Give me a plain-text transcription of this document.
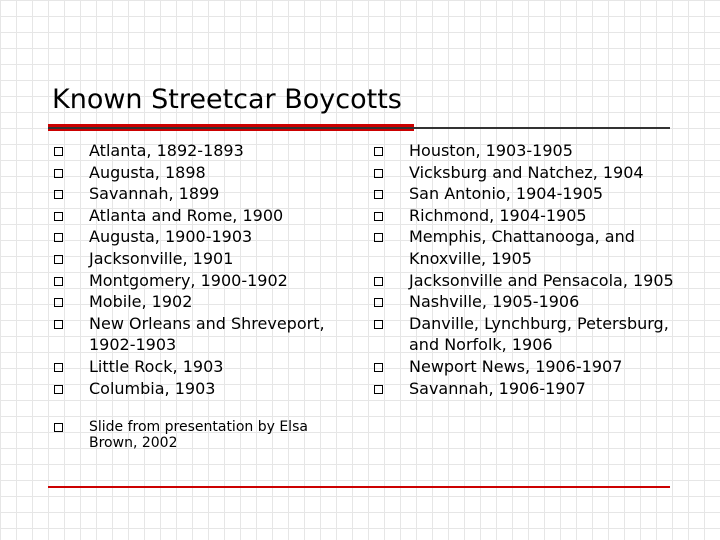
Known Streetcar Boycotts
Atlanta, 1892-1893
Augusta, 1898
Savannah, 1899
Atlanta and Rome, 1900
Augusta, 1900-1903
Jacksonville, 1901
Montgomery, 1900-1902
Mobile, 1902
New Orleans and Shreveport, 1902-1903
Little Rock, 1903
Columbia, 1903
Slide from presentation by Elsa Brown, 2002
Houston, 1903-1905
Vicksburg and Natchez, 1904
San Antonio, 1904-1905
Richmond, 1904-1905
Memphis, Chattanooga, and Knoxville, 1905
Jacksonville and Pensacola, 1905
Nashville, 1905-1906
Danville, Lynchburg, Petersburg, and Norfolk, 1906
Newport News, 1906-1907
Savannah, 1906-1907
